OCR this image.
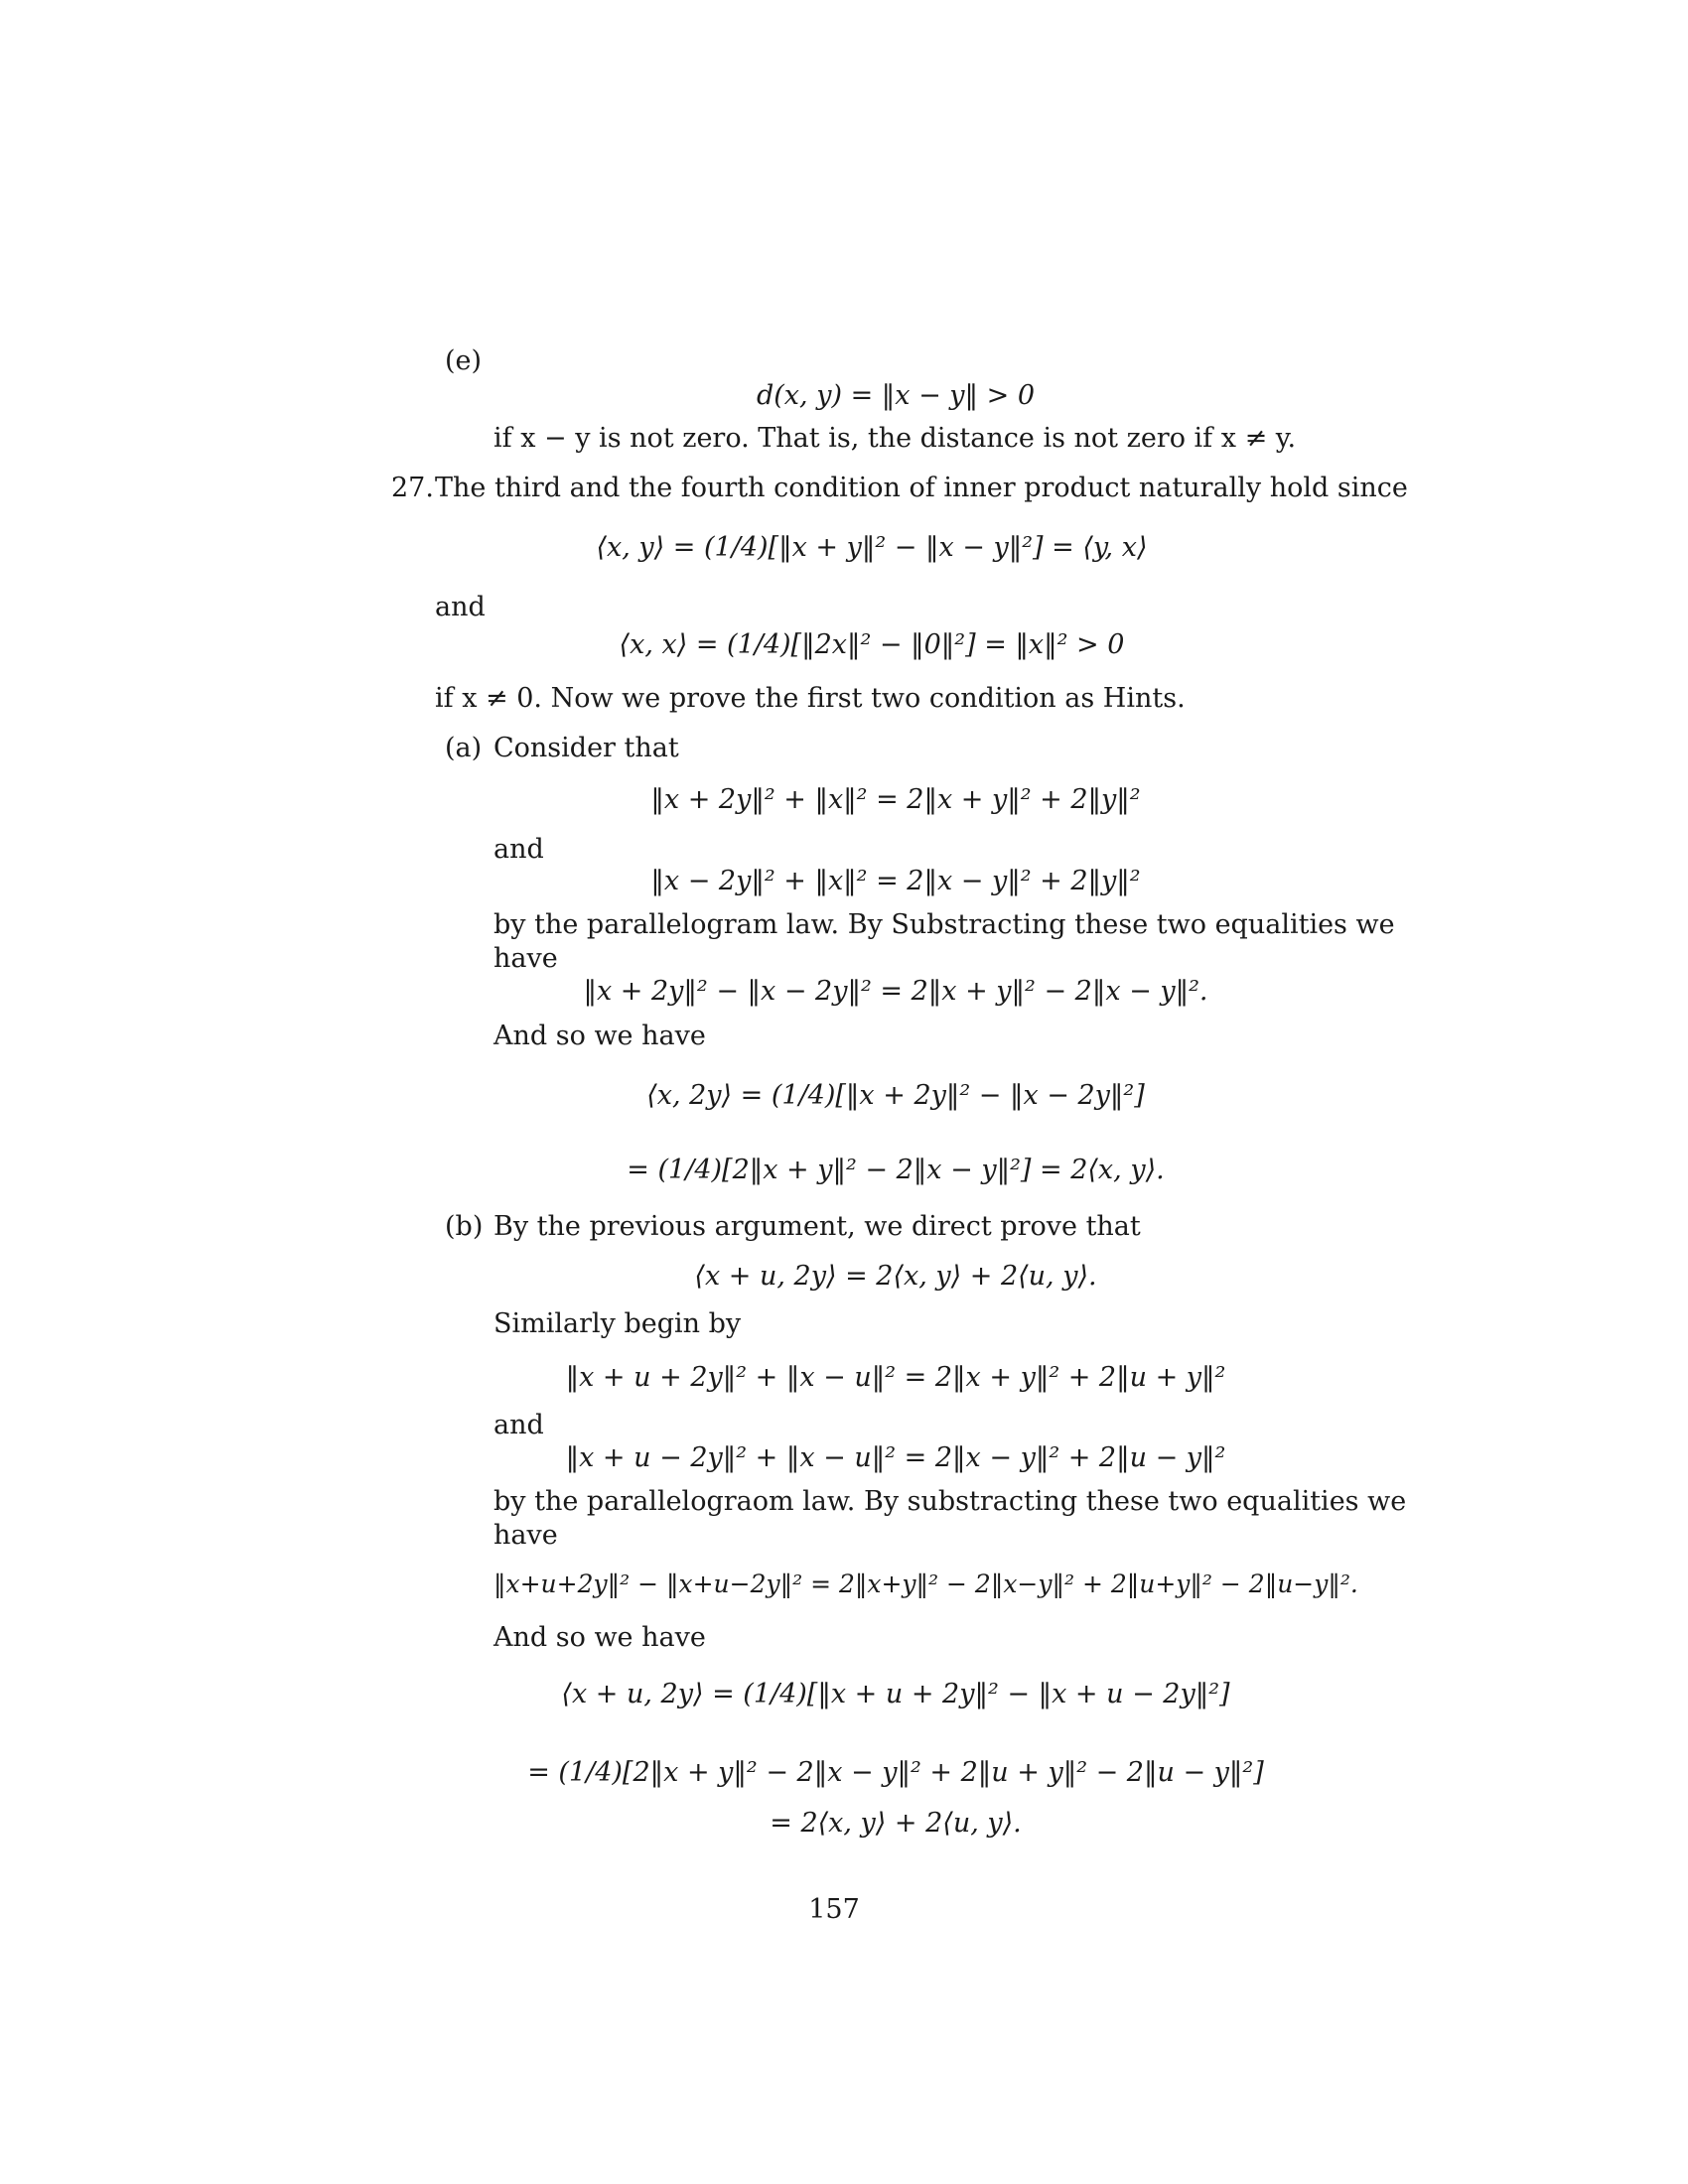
(e)
d(x, y) = ‖x − y‖ > 0
if x − y is not zero. That is, the distance is not zero if x ≠ y.
27. The third and the fourth condition of inner product naturally hold since
⟨x, y⟩ = (1/4)[‖x + y‖² − ‖x − y‖²] = ⟨y, x⟩
and
⟨x, x⟩ = (1/4)[‖2x‖² − ‖0‖²] = ‖x‖² > 0
if x ≠ 0. Now we prove the first two condition as Hints.
(a) Consider that
‖x + 2y‖² + ‖x‖² = 2‖x + y‖² + 2‖y‖²
and
‖x − 2y‖² + ‖x‖² = 2‖x − y‖² + 2‖y‖²
by the parallelogram law. By Substracting these two equalities we
have
‖x + 2y‖² − ‖x − 2y‖² = 2‖x + y‖² − 2‖x − y‖².
And so we have
⟨x, 2y⟩ = (1/4)[‖x + 2y‖² − ‖x − 2y‖²]
= (1/4)[2‖x + y‖² − 2‖x − y‖²] = 2⟨x, y⟩.
(b) By the previous argument, we direct prove that
⟨x + u, 2y⟩ = 2⟨x, y⟩ + 2⟨u, y⟩.
Similarly begin by
‖x + u + 2y‖² + ‖x − u‖² = 2‖x + y‖² + 2‖u + y‖²
and
‖x + u − 2y‖² + ‖x − u‖² = 2‖x − y‖² + 2‖u − y‖²
by the parallelograom law. By substracting these two equalities we
have
‖x+u+2y‖² − ‖x+u−2y‖² = 2‖x+y‖² − 2‖x−y‖² + 2‖u+y‖² − 2‖u−y‖².
And so we have
⟨x + u, 2y⟩ = (1/4)[‖x + u + 2y‖² − ‖x + u − 2y‖²]
= (1/4)[2‖x + y‖² − 2‖x − y‖² + 2‖u + y‖² − 2‖u − y‖²]
= 2⟨x, y⟩ + 2⟨u, y⟩.
157
